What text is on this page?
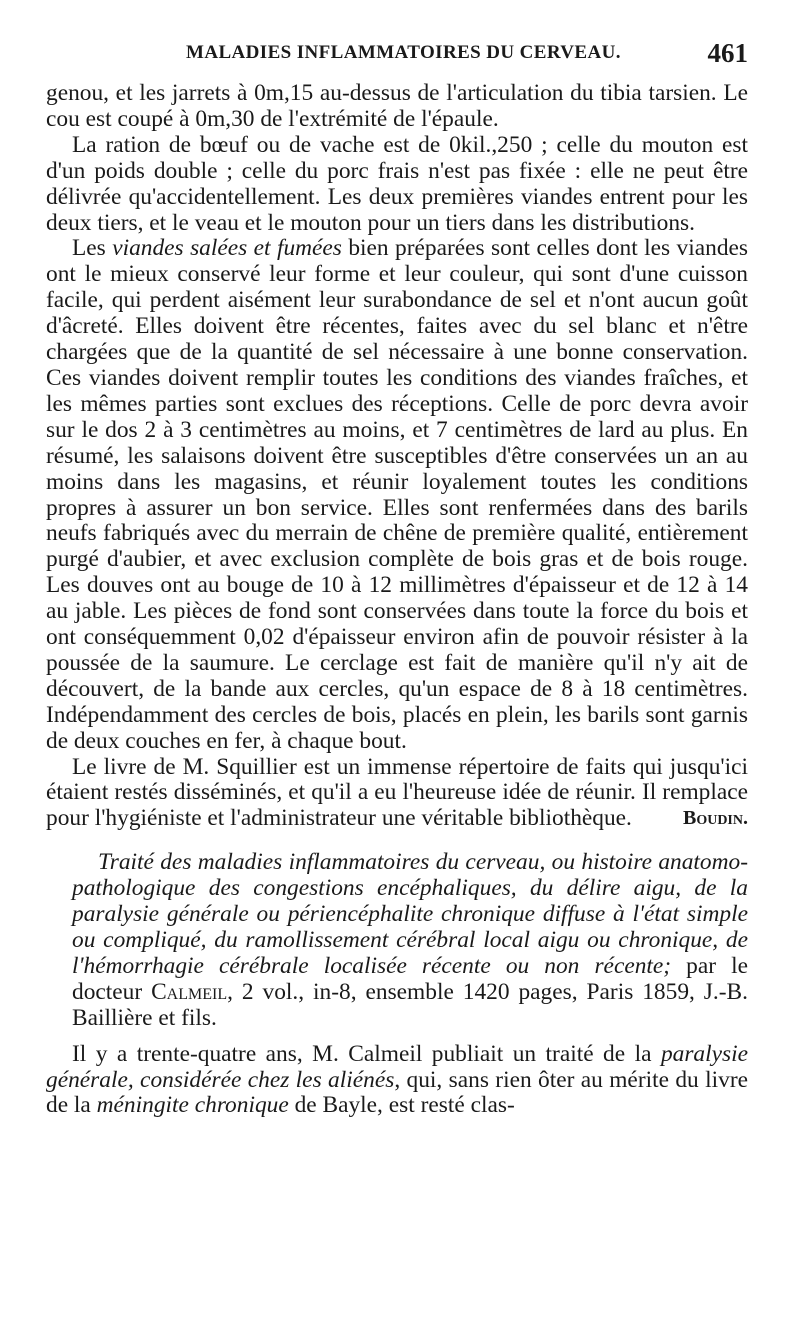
MALADIES INFLAMMATOIRES DU CERVEAU.	461

genou, et les jarrets à 0m,15 au-dessus de l'articulation du tibia tarsien. Le cou est coupé à 0m,30 de l'extrémité de l'épaule.

La ration de bœuf ou de vache est de 0kil.,250 ; celle du mouton est d'un poids double ; celle du porc frais n'est pas fixée : elle ne peut être délivrée qu'accidentellement. Les deux premières viandes entrent pour les deux tiers, et le veau et le mouton pour un tiers dans les distributions.

Les viandes salées et fumées bien préparées sont celles dont les viandes ont le mieux conservé leur forme et leur couleur, qui sont d'une cuisson facile, qui perdent aisément leur surabondance de sel et n'ont aucun goût d'âcreté. Elles doivent être récentes, faites avec du sel blanc et n'être chargées que de la quantité de sel nécessaire à une bonne conservation. Ces viandes doivent remplir toutes les conditions des viandes fraîches, et les mêmes parties sont exclues des réceptions. Celle de porc devra avoir sur le dos 2 à 3 centimètres au moins, et 7 centimètres de lard au plus. En résumé, les salaisons doivent être susceptibles d'être conservées un an au moins dans les magasins, et réunir loyalement toutes les conditions propres à assurer un bon service. Elles sont renfermées dans des barils neufs fabriqués avec du merrain de chêne de première qualité, entièrement purgé d'aubier, et avec exclusion complète de bois gras et de bois rouge. Les douves ont au bouge de 10 à 12 millimètres d'épaisseur et de 12 à 14 au jable. Les pièces de fond sont conservées dans toute la force du bois et ont conséquemment 0,02 d'épaisseur environ afin de pouvoir résister à la poussée de la saumure. Le cerclage est fait de manière qu'il n'y ait de découvert, de la bande aux cercles, qu'un espace de 8 à 18 centimètres. Indépendamment des cercles de bois, placés en plein, les barils sont garnis de deux couches en fer, à chaque bout.

Le livre de M. Squillier est un immense répertoire de faits qui jusqu'ici étaient restés disséminés, et qu'il a eu l'heureuse idée de réunir. Il remplace pour l'hygiéniste et l'administrateur une véritable bibliothèque.	Boudin.

Traité des maladies inflammatoires du cerveau, ou histoire anatomo-pathologique des congestions encéphaliques, du délire aigu, de la paralysie générale ou périencéphalite chronique diffuse à l'état simple ou compliqué, du ramollissement cérébral local aigu ou chronique, de l'hémorrhagie cérébrale localisée récente ou non récente; par le docteur Calmeil, 2 vol., in-8, ensemble 1420 pages, Paris 1859, J.-B. Baillière et fils.

Il y a trente-quatre ans, M. Calmeil publiait un traité de la paralysie générale, considérée chez les aliénés, qui, sans rien ôter au mérite du livre de la méningite chronique de Bayle, est resté clas-
